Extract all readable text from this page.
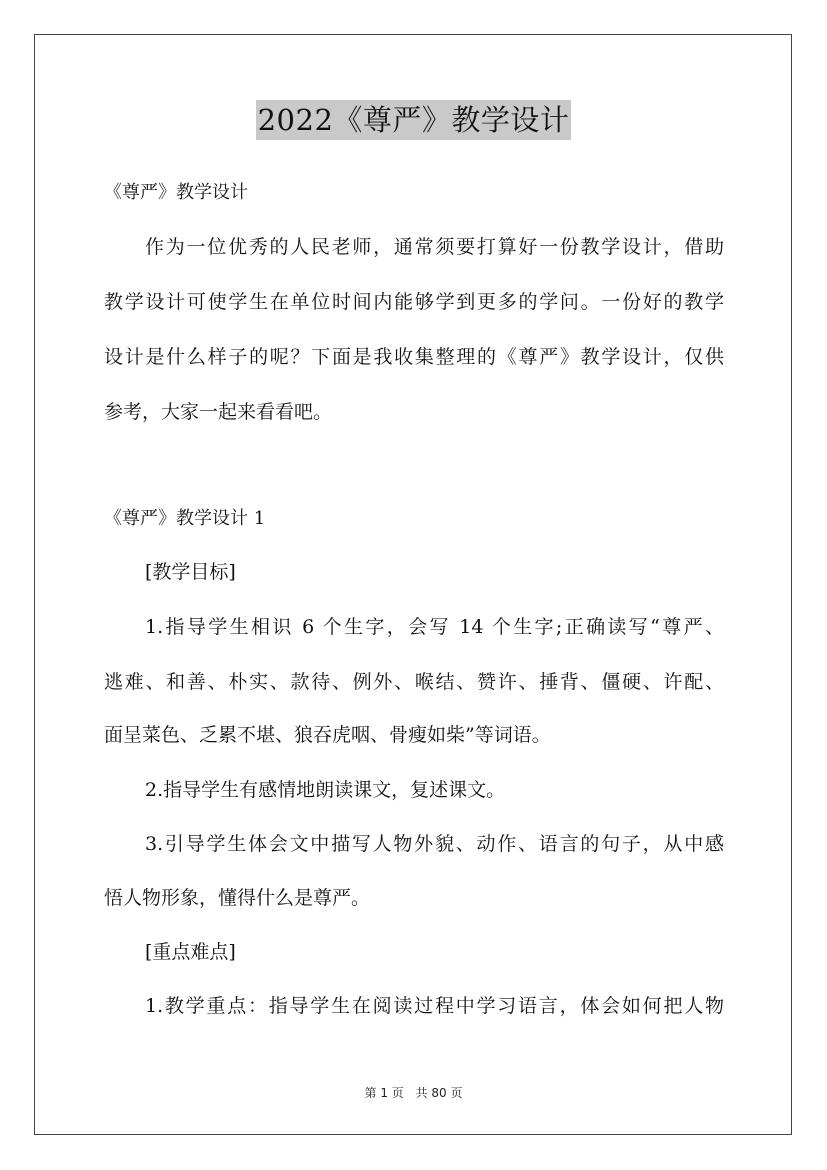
2022《尊严》教学设计
《尊严》教学设计
作为一位优秀的人民老师，通常须要打算好一份教学设计，借助
教学设计可使学生在单位时间内能够学到更多的学问。一份好的教学
设计是什么样子的呢？下面是我收集整理的《尊严》教学设计，仅供
参考，大家一起来看看吧。
《尊严》教学设计 1
[教学目标]
1.指导学生相识 6 个生字，会写 14 个生字;正确读写“尊严、
逃难、和善、朴实、款待、例外、喉结、赞许、捶背、僵硬、许配、
面呈菜色、乏累不堪、狼吞虎咽、骨瘦如柴”等词语。
2.指导学生有感情地朗读课文，复述课文。
3.引导学生体会文中描写人物外貌、动作、语言的句子，从中感
悟人物形象，懂得什么是尊严。
[重点难点]
1.教学重点：指导学生在阅读过程中学习语言，体会如何把人物
第 1 页 共 80 页
